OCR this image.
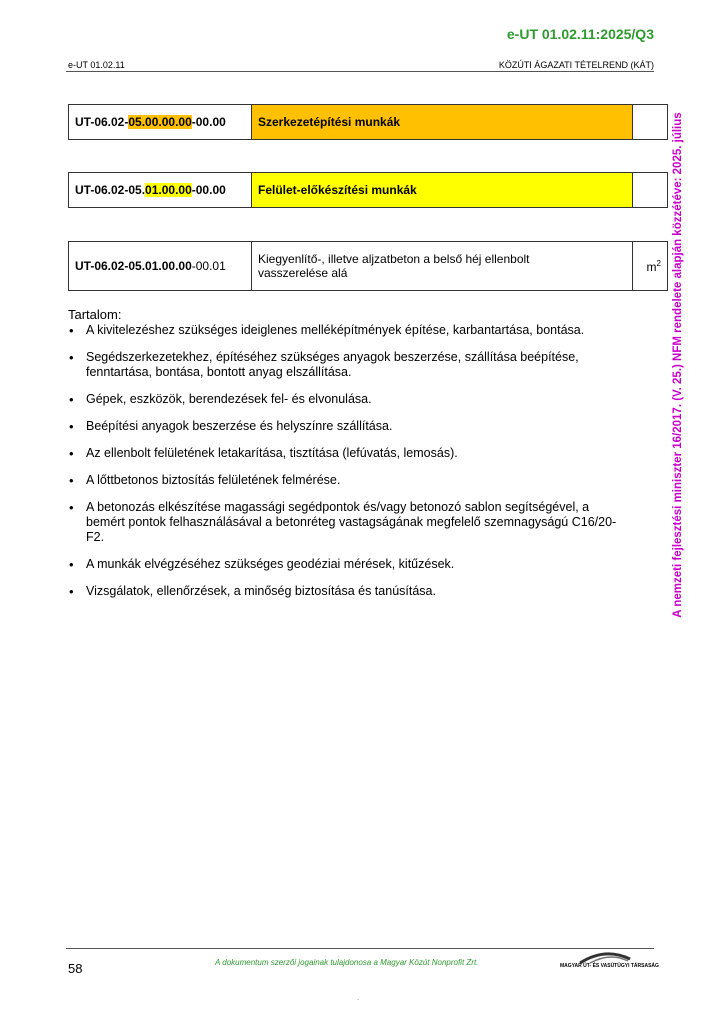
e-UT 01.02.11:2025/Q3
e-UT 01.02.11	KÖZÚTI ÁGAZATI TÉTELREND (KÁT)
UT-06.02-05.00.00.00-00.00	Szerkezetépítési munkák	
UT-06.02-05.01.00.00-00.00	Felület-előkészítési munkák	
UT-06.02-05.01.00.00-00.01	Kiegyenlítő-, illetve aljzatbeton a belső héj ellenbolt
vasszerelése alá	$m^2$
Tartalom:
• A kivitelezéshez szükséges ideiglenes melléképítmények építése, karbantartása, bontása.
• Segédszerkezetekhez, építéséhez szükséges anyagok beszerzése, szállítása beépítése, fenntartása, bontása, bontott anyag elszállítása.
• Gépek, eszközök, berendezések fel- és elvonulása.
• Beépítési anyagok beszerzése és helyszínre szállítása.
• Az ellenbolt felületének letakarítása, tisztítása (lefúvatás, lemosás).
• A lőttbetonos biztosítás felületének felmérése.
• A betonozás elkészítése magassági segédpontok és/vagy betonozó sablon segítségével, a bemért pontok felhasználásával a betonréteg vastagságának megfelelő szemnagyságú C16/20-F2.
• A munkák elvégzéséhez szükséges geodéziai mérések, kitűzések.
• Vizsgálatok, ellenőrzések, a minőség biztosítása és tanúsítása.	A nemzeti fejlesztési miniszter 16/2017. (V. 25.) NFM rendelete alapján közzétéve: 2025. július
58	A dokumentum szerzői jogainak tulajdonosa a Magyar Közút Nonprofit Zrt.	MAGYAR ÚT- ÉS VASÚTÜGYI TÁRSASÁG
.
